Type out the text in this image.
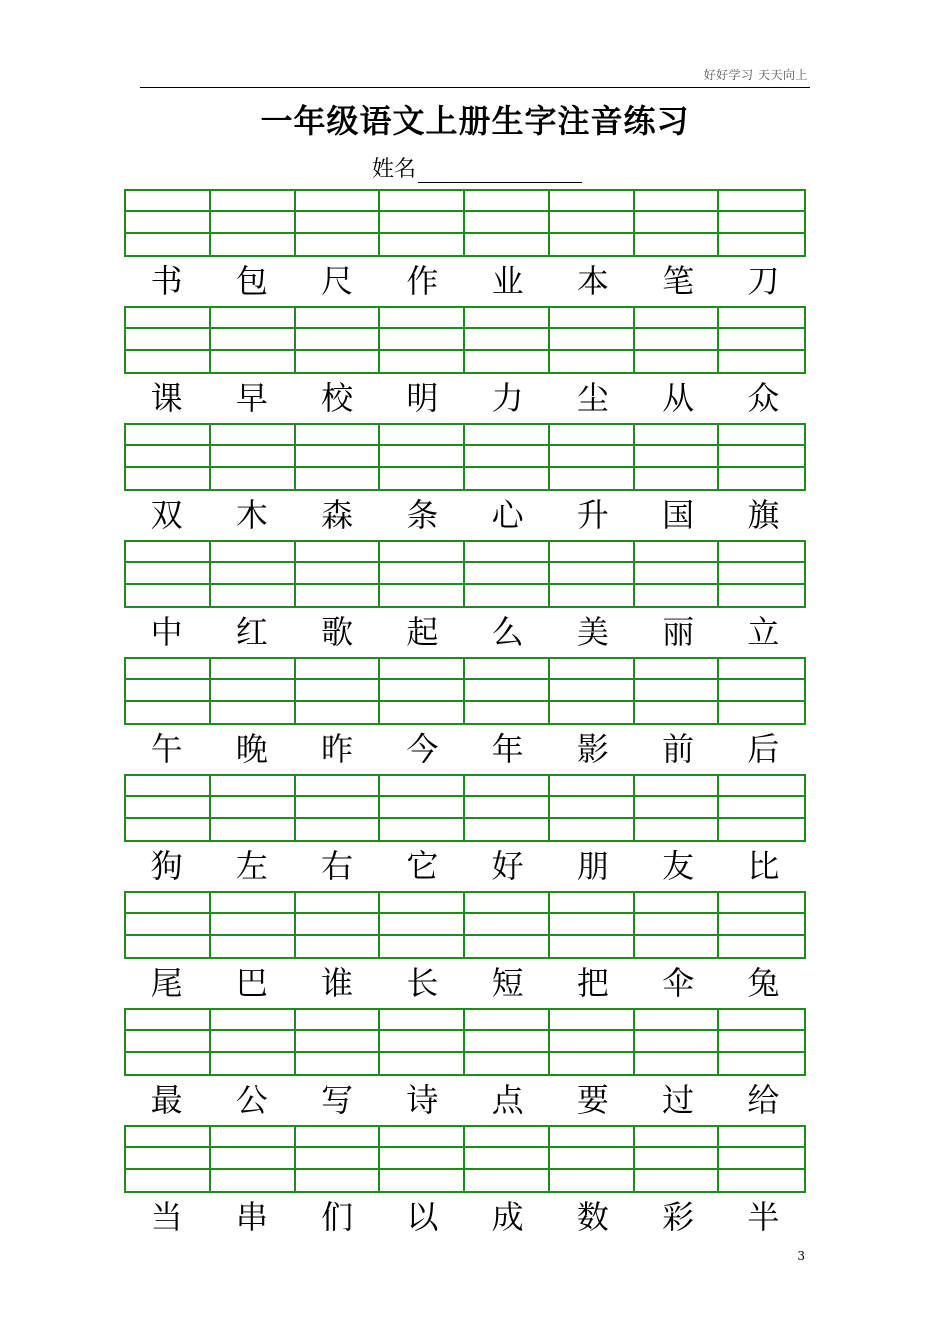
好好学习 天天向上
一年级语文上册生字注音练习
姓名
书	包	尺	作	业	本	笔	刀
课	早	校	明	力	尘	从	众
双	木	森	条	心	升	国	旗
中	红	歌	起	么	美	丽	立
午	晚	昨	今	年	影	前	后
狗	左	右	它	好	朋	友	比
尾	巴	谁	长	短	把	伞	兔
最	公	写	诗	点	要	过	给
当	串	们	以	成	数	彩	半
3
